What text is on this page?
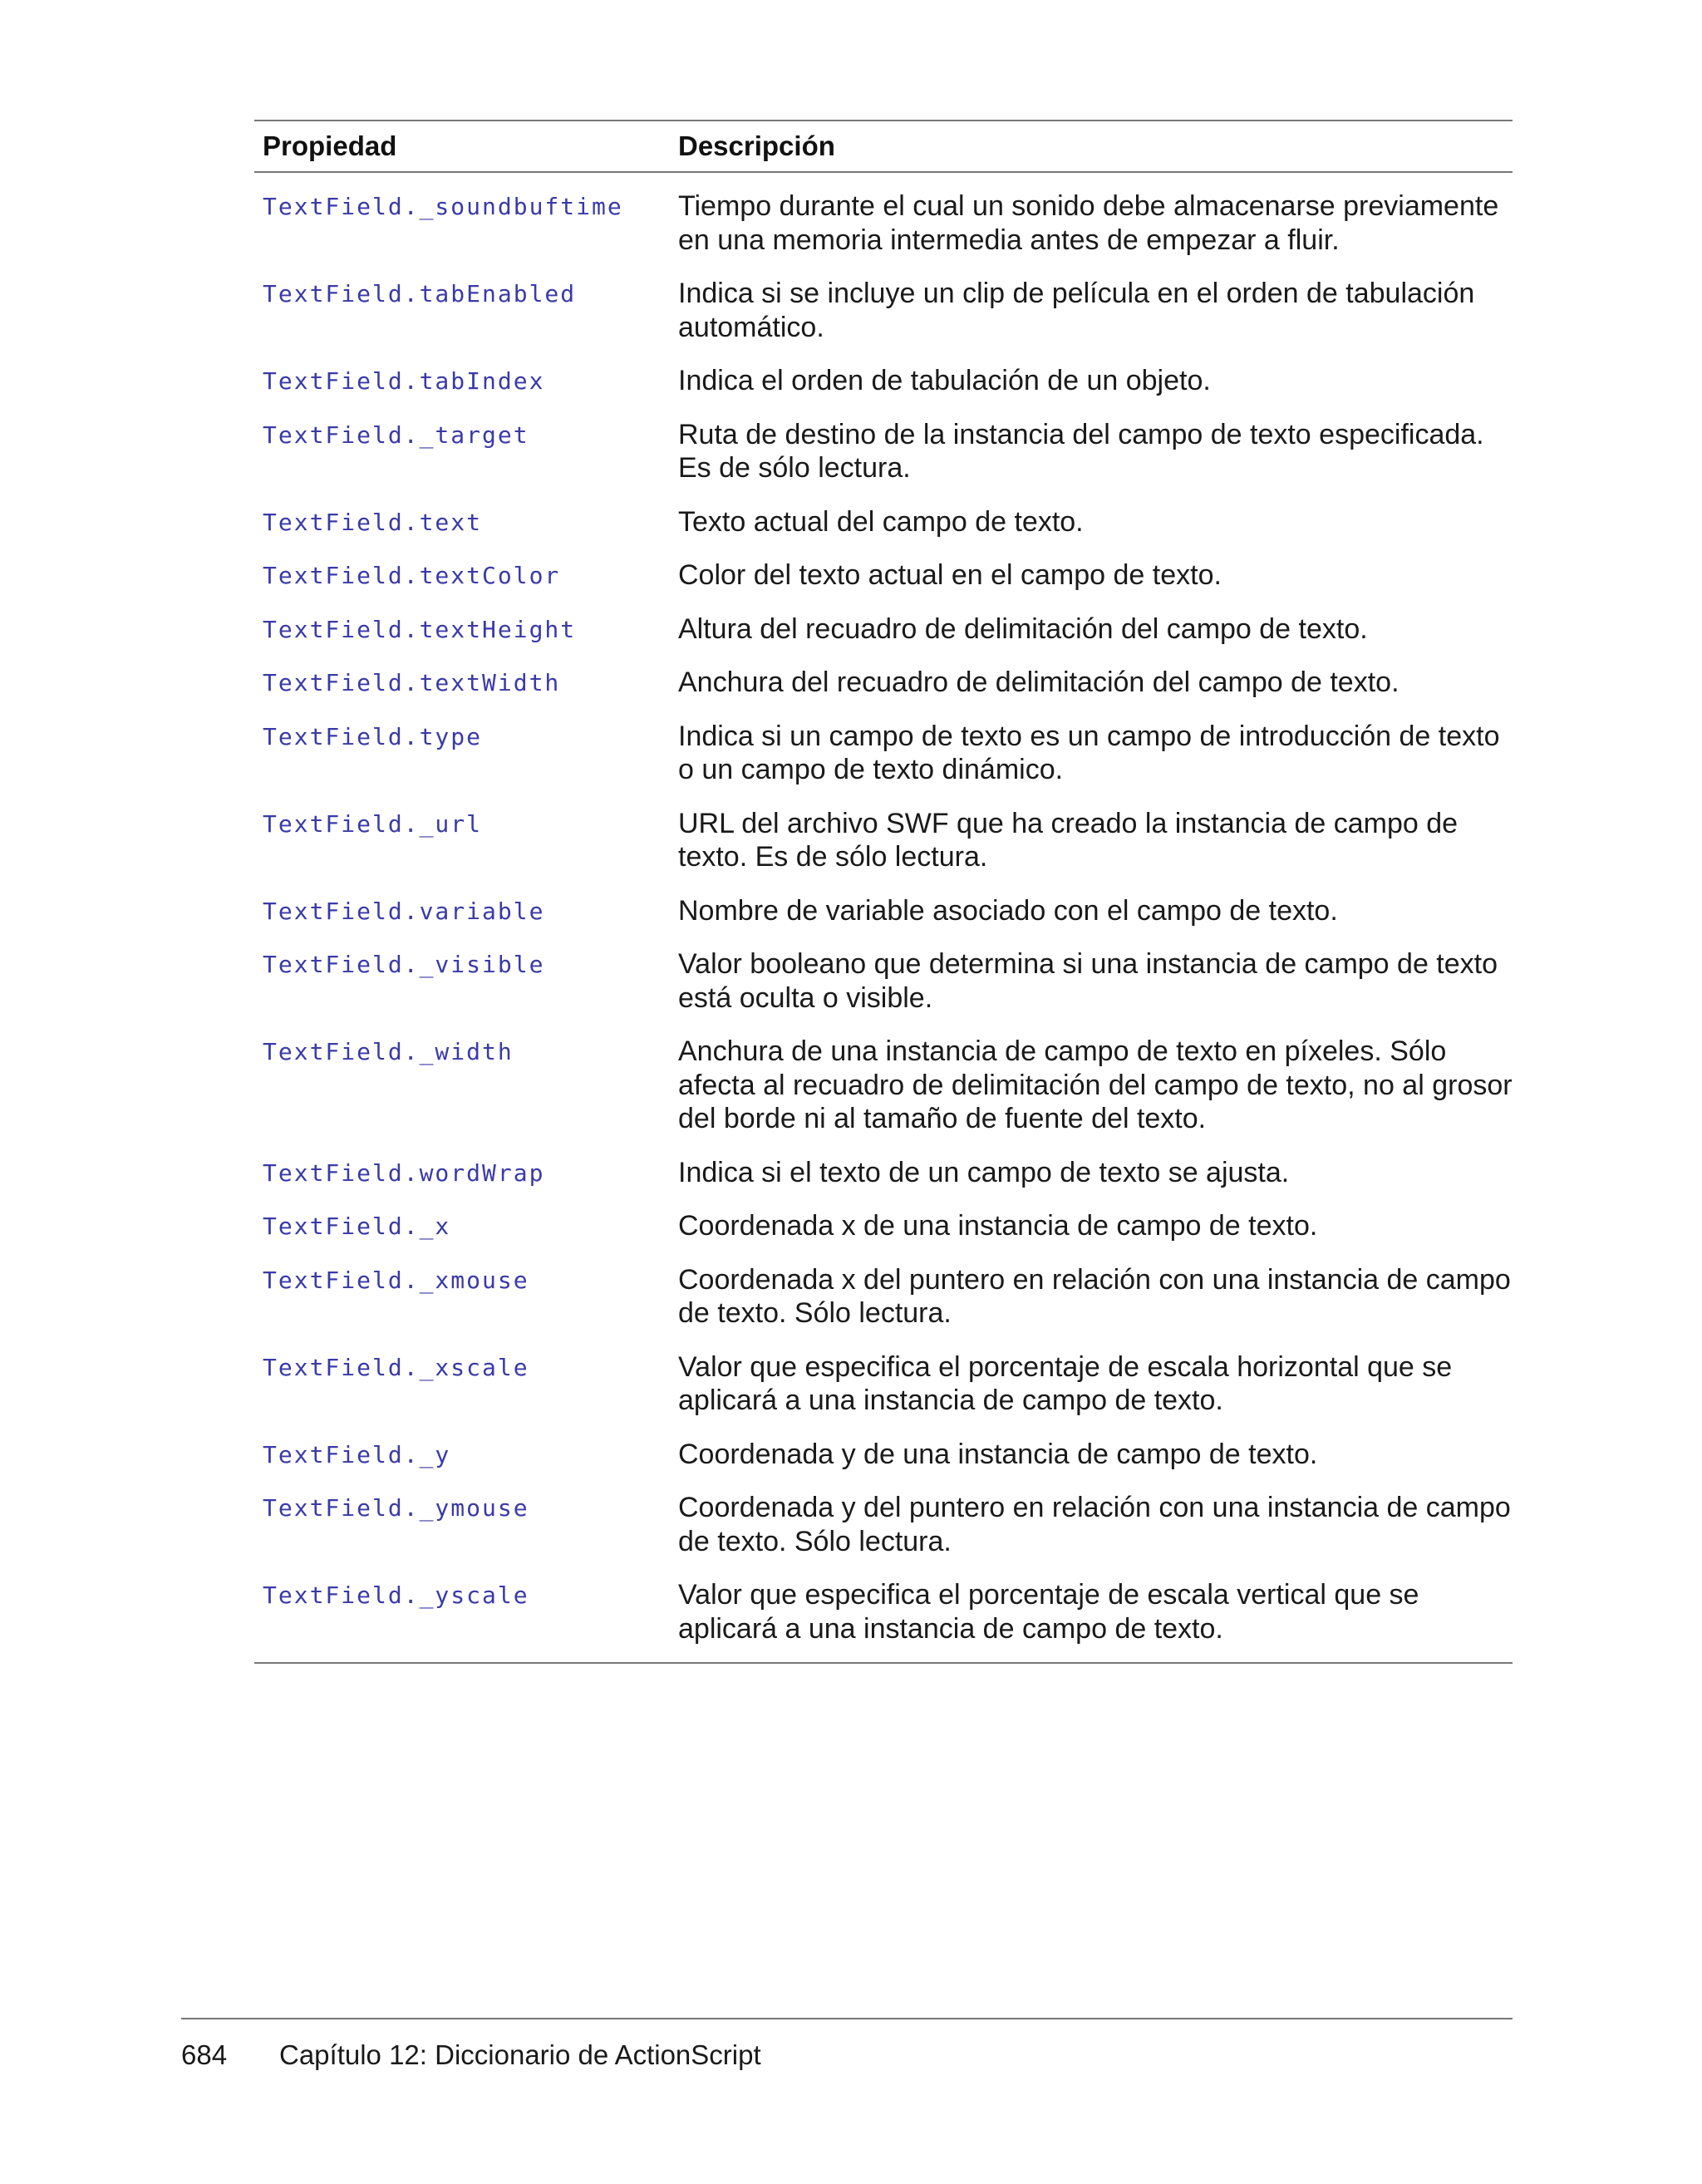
Propiedad	Descripción
TextField._soundbuftime	Tiempo durante el cual un sonido debe almacenarse previamente en una memoria intermedia antes de empezar a fluir.
TextField.tabEnabled	Indica si se incluye un clip de película en el orden de tabulación automático.
TextField.tabIndex	Indica el orden de tabulación de un objeto.
TextField._target	Ruta de destino de la instancia del campo de texto especificada. Es de sólo lectura.
TextField.text	Texto actual del campo de texto.
TextField.textColor	Color del texto actual en el campo de texto.
TextField.textHeight	Altura del recuadro de delimitación del campo de texto.
TextField.textWidth	Anchura del recuadro de delimitación del campo de texto.
TextField.type	Indica si un campo de texto es un campo de introducción de texto o un campo de texto dinámico.
TextField._url	URL del archivo SWF que ha creado la instancia de campo de texto. Es de sólo lectura.
TextField.variable	Nombre de variable asociado con el campo de texto.
TextField._visible	Valor booleano que determina si una instancia de campo de texto está oculta o visible.
TextField._width	Anchura de una instancia de campo de texto en píxeles. Sólo afecta al recuadro de delimitación del campo de texto, no al grosor del borde ni al tamaño de fuente del texto.
TextField.wordWrap	Indica si el texto de un campo de texto se ajusta.
TextField._x	Coordenada x de una instancia de campo de texto.
TextField._xmouse	Coordenada x del puntero en relación con una instancia de campo de texto. Sólo lectura.
TextField._xscale	Valor que especifica el porcentaje de escala horizontal que se aplicará a una instancia de campo de texto.
TextField._y	Coordenada y de una instancia de campo de texto.
TextField._ymouse	Coordenada y del puntero en relación con una instancia de campo de texto. Sólo lectura.
TextField._yscale	Valor que especifica el porcentaje de escala vertical que se aplicará a una instancia de campo de texto.
684	Capítulo 12: Diccionario de ActionScript
